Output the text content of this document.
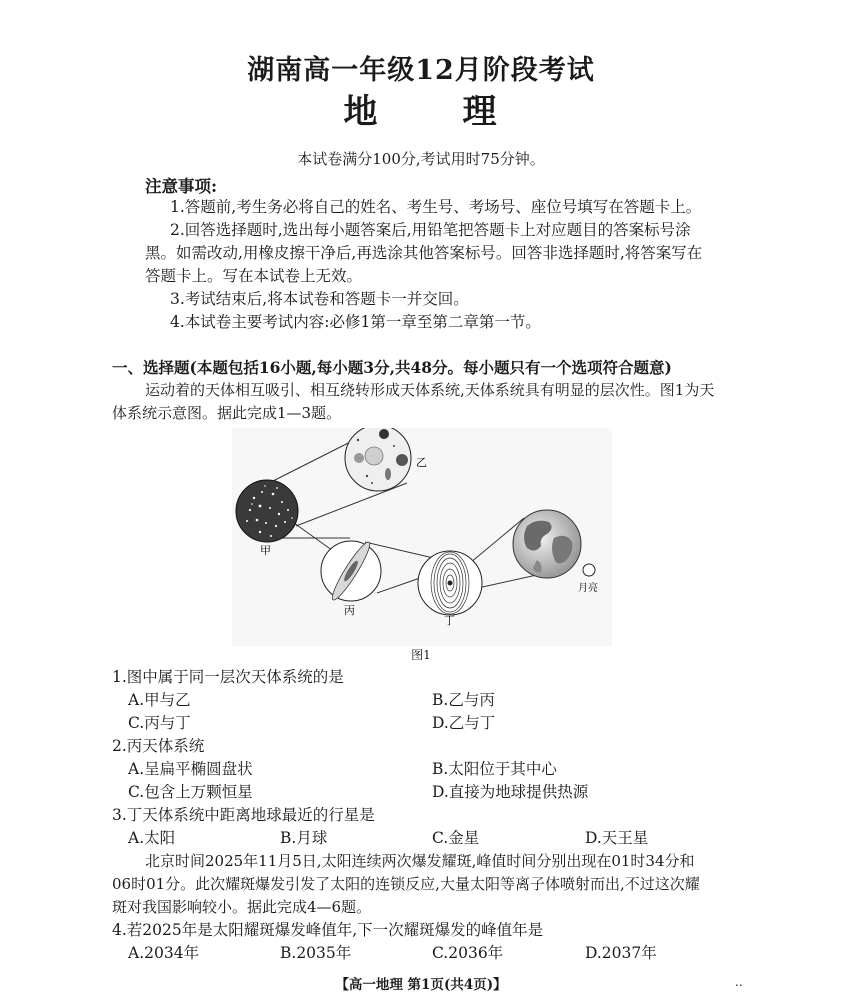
湖南高一年级12月阶段考试
地      理
本试卷满分100分,考试用时75分钟。
注意事项:
1.答题前,考生务必将自己的姓名、考生号、考场号、座位号填写在答题卡上。
2.回答选择题时,选出每小题答案后,用铅笔把答题卡上对应题目的答案标号涂
黑。如需改动,用橡皮擦干净后,再选涂其他答案标号。回答非选择题时,将答案写在
答题卡上。写在本试卷上无效。
3.考试结束后,将本试卷和答题卡一并交回。
4.本试卷主要考试内容:必修1第一章至第二章第一节。
一、选择题(本题包括16小题,每小题3分,共48分。每小题只有一个选项符合题意)
运动着的天体相互吸引、相互绕转形成天体系统,天体系统具有明显的层次性。图1为天
体系统示意图。据此完成1—3题。
甲
乙
丙
丁
月亮
图1
1.图中属于同一层次天体系统的是
A.甲与乙	B.乙与丙
C.丙与丁	D.乙与丁
2.丙天体系统
A.呈扁平椭圆盘状	B.太阳位于其中心
C.包含上万颗恒星	D.直接为地球提供热源
3.丁天体系统中距离地球最近的行星是
A.太阳	B.月球	C.金星	D.天王星
北京时间2025年11月5日,太阳连续两次爆发耀斑,峰值时间分别出现在01时34分和
06时01分。此次耀斑爆发引发了太阳的连锁反应,大量太阳等离子体喷射而出,不过这次耀
斑对我国影响较小。据此完成4—6题。
4.若2025年是太阳耀斑爆发峰值年,下一次耀斑爆发的峰值年是
A.2034年	B.2035年	C.2036年	D.2037年
【高一地理 第1页(共4页)】	..
